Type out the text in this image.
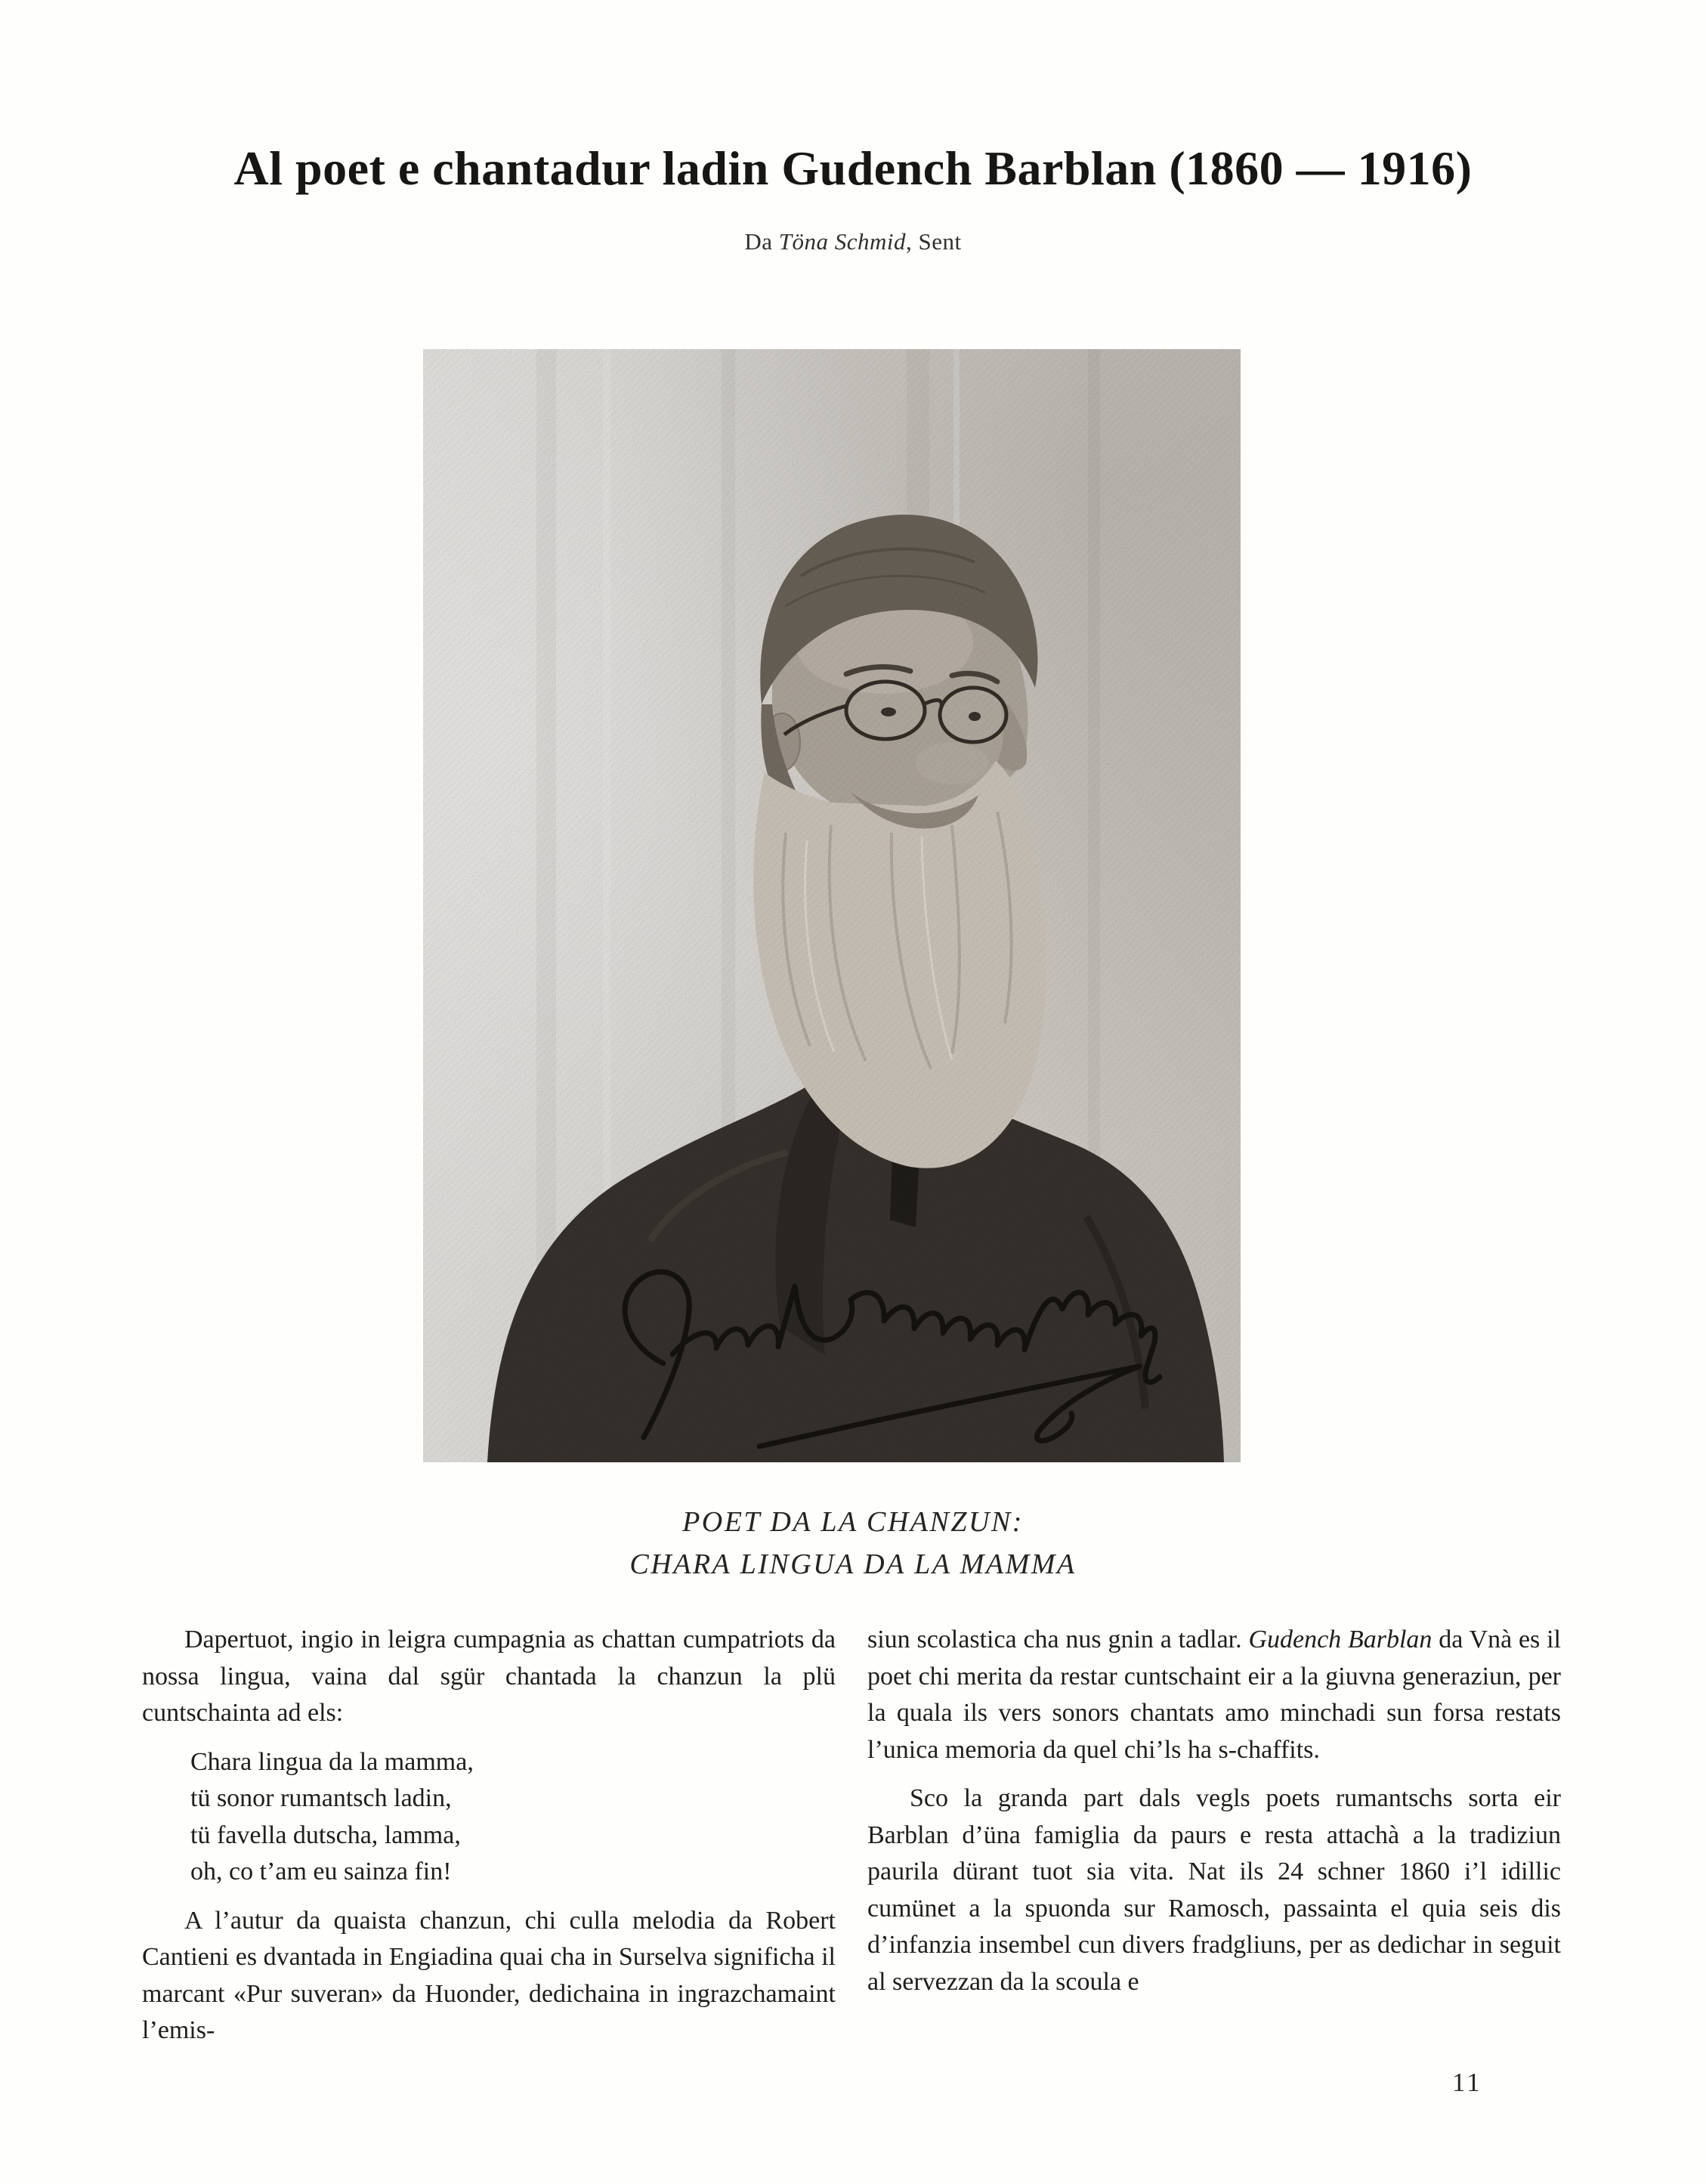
Al poet e chantadur ladin Gudench Barblan (1860 — 1916)

Da Töna Schmid, Sent

POET DA LA CHANZUN:
CHARA LINGUA DA LA MAMMA

Dapertuot, ingio in leigra cumpagnia as chattan cumpatriots da nossa lingua, vaina dal sgür chantada la chanzun la plü cuntschainta ad els:

Chara lingua da la mamma,
tü sonor rumantsch ladin,
tü favella dutscha, lamma,
oh, co t’am eu sainza fin!

A l’autur da quaista chanzun, chi culla melodia da Robert Cantieni es dvantada in Engiadina quai cha in Surselva significha il marcant «Pur suveran» da Huonder, dedichaina in ingrazchamaint l’emis-

siun scolastica cha nus gnin a tadlar. Gudench Barblan da Vnà es il poet chi merita da restar cuntschaint eir a la giuvna generaziun, per la quala ils vers sonors chantats amo minchadi sun forsa restats l’unica memoria da quel chi’ls ha s-chaffits.

Sco la granda part dals vegls poets rumantschs sorta eir Barblan d’üna famiglia da paurs e resta attachà a la tradiziun paurila dürant tuot sia vita. Nat ils 24 schner 1860 i’l idillic cumünet a la spuonda sur Ramosch, passainta el quia seis dis d’infanzia insembel cun divers fradgliuns, per as dedichar in seguit al servezzan da la scoula e

11
